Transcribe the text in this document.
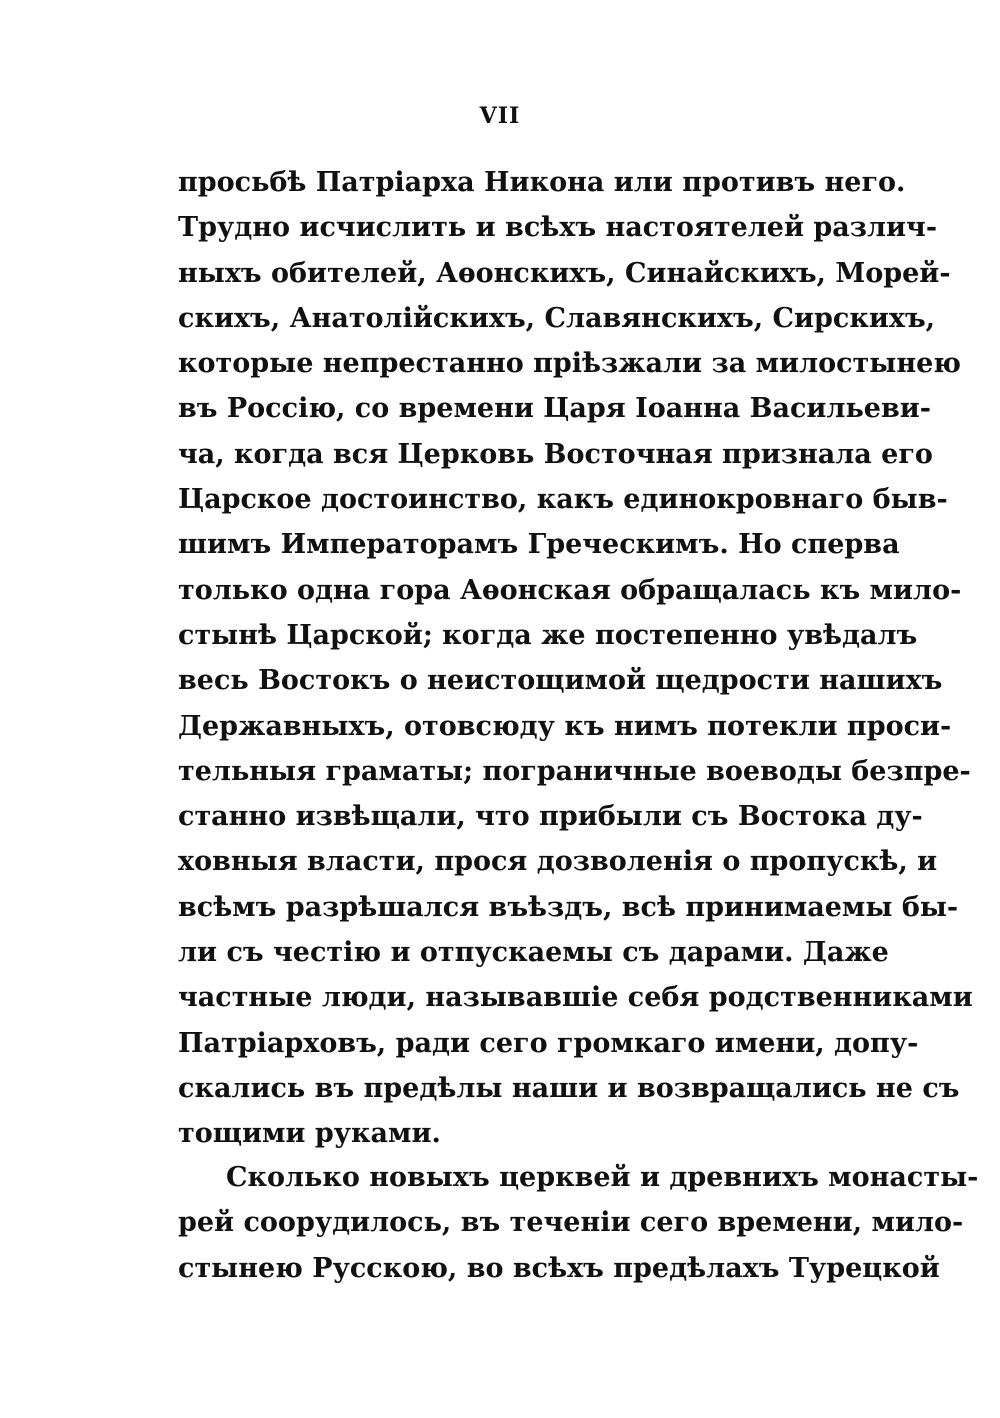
VII
просьбѣ Патріарха Никона или противъ него.
Трудно исчислить и всѣхъ настоятелей различ-
ныхъ обителей, Аѳонскихъ, Синайскихъ, Морей-
скихъ, Анатолійскихъ, Славянскихъ, Сирскихъ,
которые непрестанно пріѣзжали за милостынею
въ Россію, со времени Царя Іоанна Васильеви-
ча, когда вся Церковь Восточная признала его
Царское достоинство, какъ единокровнаго быв-
шимъ Императорамъ Греческимъ. Но сперва
только одна гора Аѳонская обращалась къ мило-
стынѣ Царской; когда же постепенно увѣдалъ
весь Востокъ о неистощимой щедрости нашихъ
Державныхъ, отовсюду къ нимъ потекли проси-
тельныя граматы; пограничные воеводы безпре-
станно извѣщали, что прибыли съ Востока ду-
ховныя власти, прося дозволенія о пропускѣ, и
всѣмъ разрѣшался въѣздъ, всѣ принимаемы бы-
ли съ честію и отпускаемы съ дарами. Даже
частные люди, называвшіе себя родственниками
Патріарховъ, ради сего громкаго имени, допу-
скались въ предѣлы наши и возвращались не съ
тощими руками.
Сколько новыхъ церквей и древнихъ монасты-
рей соорудилось, въ теченіи сего времени, мило-
стынею Русскою, во всѣхъ предѣлахъ Турецкой
